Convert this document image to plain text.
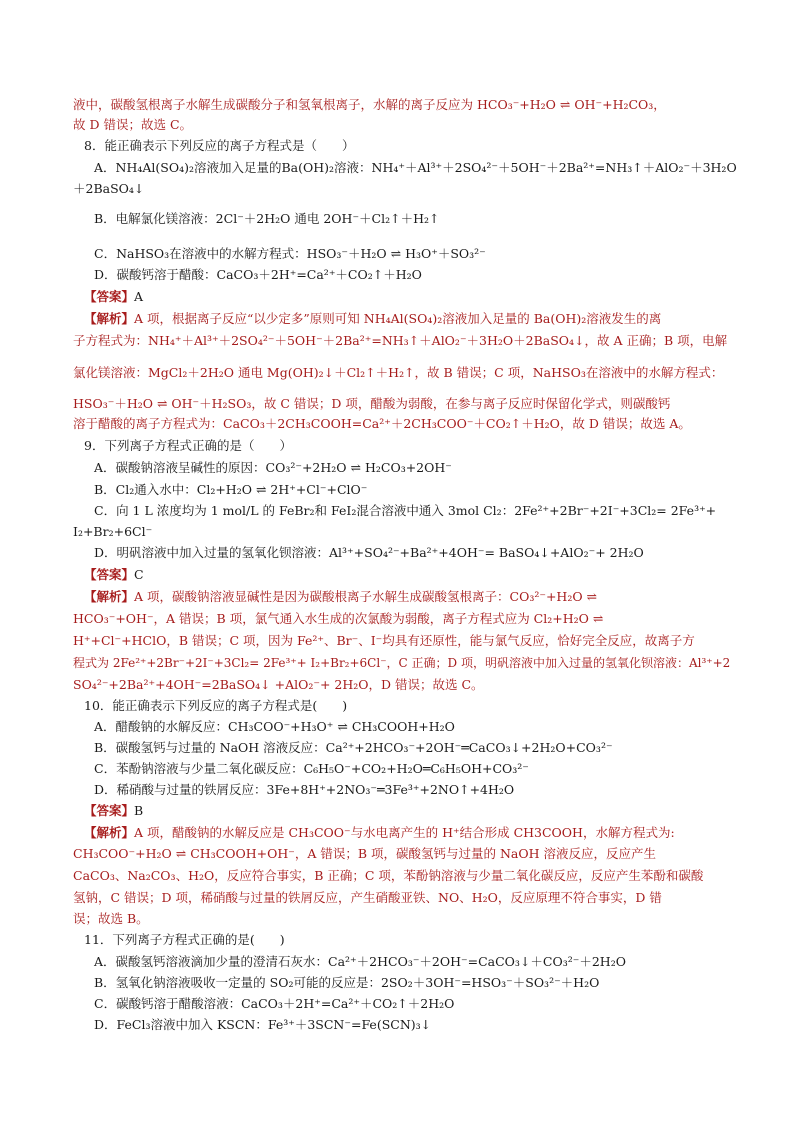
液中，碳酸氢根离子水解生成碳酸分子和氢氧根离子，水解的离子反应为 HCO₃⁻+H₂O ⇌ OH⁻+H₂CO₃，
故 D 错误；故选 C。
8．能正确表示下列反应的离子方程式是（　　）
A．NH₄Al(SO₄)₂溶液加入足量的Ba(OH)₂溶液：NH₄⁺＋Al³⁺＋2SO₄²⁻＋5OH⁻＋2Ba²⁺=NH₃↑＋AlO₂⁻＋3H₂O
＋2BaSO₄↓
B．电解氯化镁溶液：2Cl⁻＋2H₂O 通电 2OH⁻＋Cl₂↑＋H₂↑
C．NaHSO₃在溶液中的水解方程式：HSO₃⁻＋H₂O ⇌ H₃O⁺＋SO₃²⁻
D．碳酸钙溶于醋酸：CaCO₃＋2H⁺=Ca²⁺＋CO₂↑＋H₂O
【答案】A
【解析】A 项，根据离子反应“以少定多”原则可知 NH₄Al(SO₄)₂溶液加入足量的 Ba(OH)₂溶液发生的离
子方程式为：NH₄⁺＋Al³⁺＋2SO₄²⁻＋5OH⁻＋2Ba²⁺=NH₃↑＋AlO₂⁻＋3H₂O＋2BaSO₄↓，故 A 正确；B 项，电解
氯化镁溶液：MgCl₂＋2H₂O 通电 Mg(OH)₂↓＋Cl₂↑＋H₂↑，故 B 错误；C 项，NaHSO₃在溶液中的水解方程式：
HSO₃⁻＋H₂O ⇌ OH⁻＋H₂SO₃，故 C 错误；D 项，醋酸为弱酸，在参与离子反应时保留化学式，则碳酸钙
溶于醋酸的离子方程式为：CaCO₃＋2CH₃COOH=Ca²⁺＋2CH₃COO⁻＋CO₂↑＋H₂O，故 D 错误；故选 A。
9．下列离子方程式正确的是（　　）
A．碳酸钠溶液呈碱性的原因：CO₃²⁻+2H₂O ⇌ H₂CO₃+2OH⁻
B．Cl₂通入水中：Cl₂+H₂O ⇌ 2H⁺+Cl⁻+ClO⁻
C．向 1 L 浓度均为 1 mol/L 的 FeBr₂和 FeI₂混合溶液中通入 3mol Cl₂：2Fe²⁺+2Br⁻+2I⁻+3Cl₂= 2Fe³⁺+
I₂+Br₂+6Cl⁻
D．明矾溶液中加入过量的氢氧化钡溶液：Al³⁺+SO₄²⁻+Ba²⁺+4OH⁻= BaSO₄↓+AlO₂⁻+ 2H₂O
【答案】C
【解析】A 项，碳酸钠溶液显碱性是因为碳酸根离子水解生成碳酸氢根离子：CO₃²⁻+H₂O ⇌
HCO₃⁻+OH⁻，A 错误；B 项，氯气通入水生成的次氯酸为弱酸，离子方程式应为 Cl₂+H₂O ⇌
H⁺+Cl⁻+HClO，B 错误；C 项，因为 Fe²⁺、Br⁻、I⁻均具有还原性，能与氯气反应，恰好完全反应，故离子方
程式为 2Fe²⁺+2Br⁻+2I⁻+3Cl₂= 2Fe³⁺+ I₂+Br₂+6Cl⁻，C 正确；D 项，明矾溶液中加入过量的氢氧化钡溶液：Al³⁺+2
SO₄²⁻+2Ba²⁺+4OH⁻=2BaSO₄↓ +AlO₂⁻+ 2H₂O，D 错误；故选 C。
10．能正确表示下列反应的离子方程式是(　　)
A．醋酸钠的水解反应：CH₃COO⁻+H₃O⁺ ⇌ CH₃COOH+H₂O
B．碳酸氢钙与过量的 NaOH 溶液反应：Ca²⁺+2HCO₃⁻+2OH⁻═CaCO₃↓+2H₂O+CO₃²⁻
C．苯酚钠溶液与少量二氧化碳反应：C₆H₅O⁻+CO₂+H₂O═C₆H₅OH+CO₃²⁻
D．稀硝酸与过量的铁屑反应：3Fe+8H⁺+2NO₃⁻═3Fe³⁺+2NO↑+4H₂O
【答案】B
【解析】A 项，醋酸钠的水解反应是 CH₃COO⁻与水电离产生的 H⁺结合形成 CH3COOH，水解方程式为:
CH₃COO⁻+H₂O ⇌ CH₃COOH+OH⁻，A 错误；B 项，碳酸氢钙与过量的 NaOH 溶液反应，反应产生
CaCO₃、Na₂CO₃、H₂O，反应符合事实，B 正确；C 项，苯酚钠溶液与少量二氧化碳反应，反应产生苯酚和碳酸
氢钠，C 错误；D 项，稀硝酸与过量的铁屑反应，产生硝酸亚铁、NO、H₂O，反应原理不符合事实，D 错
误；故选 B。
11．下列离子方程式正确的是(　　)
A．碳酸氢钙溶液滴加少量的澄清石灰水：Ca²⁺＋2HCO₃⁻＋2OH⁻=CaCO₃↓＋CO₃²⁻＋2H₂O
B．氢氧化钠溶液吸收一定量的 SO₂可能的反应是：2SO₂＋3OH⁻=HSO₃⁻＋SO₃²⁻＋H₂O
C．碳酸钙溶于醋酸溶液：CaCO₃＋2H⁺=Ca²⁺＋CO₂↑＋2H₂O
D．FeCl₃溶液中加入 KSCN：Fe³⁺＋3SCN⁻=Fe(SCN)₃↓
